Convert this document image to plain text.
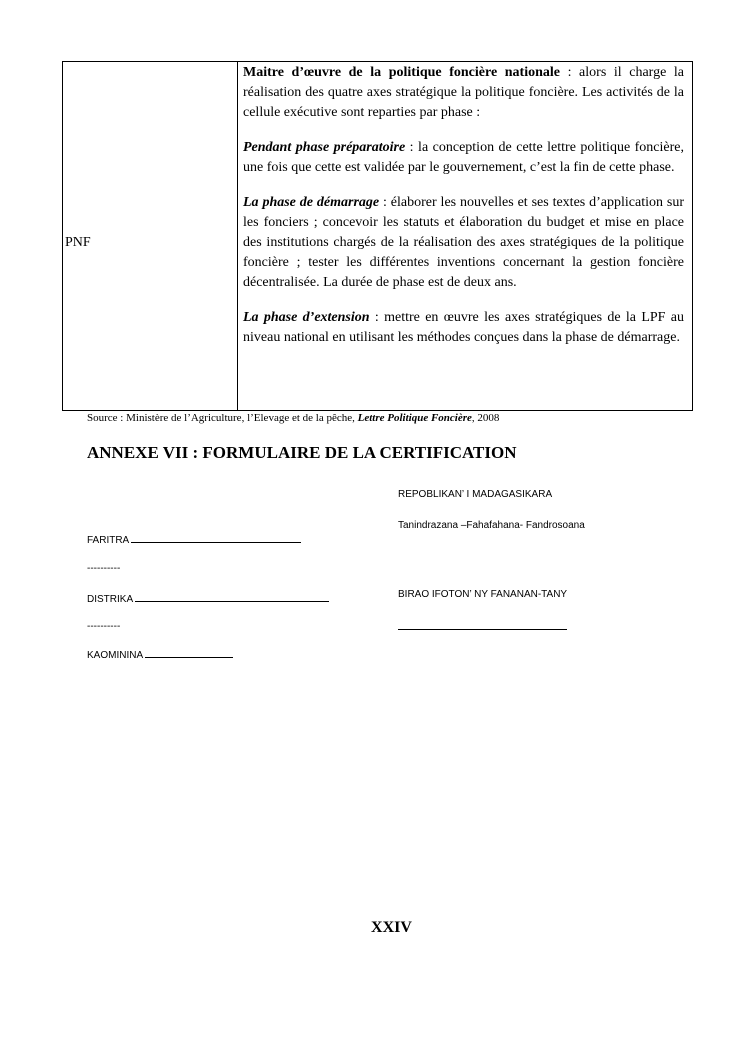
PNF

Maitre d’œuvre de la politique foncière nationale : alors il charge la réalisation des quatre axes stratégique la politique foncière. Les activités de la cellule exécutive sont reparties par phase :

Pendant phase préparatoire : la conception de cette lettre politique foncière, une fois que cette est validée par le gouvernement, c’est la fin de cette phase.

La phase de démarrage : élaborer les nouvelles et ses textes d’application sur les fonciers ; concevoir les statuts et élaboration du budget et mise en place des institutions chargés de la réalisation des axes stratégiques de la politique foncière ; tester les différentes inventions concernant la gestion foncière décentralisée. La durée de phase est de deux ans.

La phase d’extension : mettre en œuvre les axes stratégiques de la LPF au niveau national en utilisant les méthodes conçues dans la phase de démarrage.

Source : Ministère de l’Agriculture, l’Elevage et de la pêche, Lettre Politique Foncière, 2008
ANNEXE VII : FORMULAIRE DE LA CERTIFICATION
REPOBLIKAN’ I MADAGASIKARA
Tanindrazana –Fahafahana- Fandrosoana
FARITRA
----------
DISTRIKA	BIRAO IFOTON’ NY FANANAN-TANY
----------
KAOMININA
XXIV
